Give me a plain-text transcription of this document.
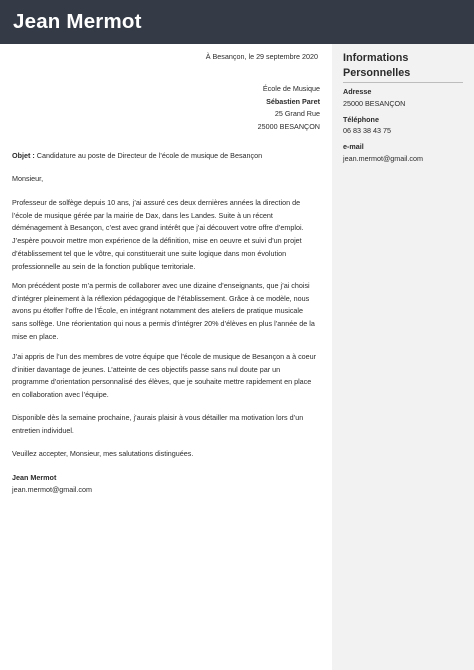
Jean Mermot
Informations Personnelles
Adresse
25000 BESANÇON
Téléphone
06 83 38 43 75
e-mail
jean.mermot@gmail.com
À Besançon, le 29 septembre 2020
École de Musique
Sébastien Paret
25 Grand Rue
25000 BESANÇON
Objet : Candidature au poste de Directeur de l’école de musique de Besançon
Monsieur,

Professeur de solfège depuis 10 ans, j’ai assuré ces deux dernières années la direction de l’école de musique gérée par la mairie de Dax, dans les Landes. Suite à un récent déménagement à Besançon, c’est avec grand intérêt que j’ai découvert votre offre d’emploi. J’espère pouvoir mettre mon expérience de la définition, mise en oeuvre et suivi d’un projet d’établissement tel que le vôtre, qui constituerait une suite logique dans mon évolution professionnelle au sein de la fonction publique territoriale.

Mon précédent poste m’a permis de collaborer avec une dizaine d’enseignants, que j’ai choisi d’intégrer pleinement à la réflexion pédagogique de l’établissement. Grâce à ce modèle, nous avons pu étoffer l’offre de l’École, en intégrant notamment des ateliers de pratique musicale sans solfège. Une réorientation qui nous a permis d’intégrer 20% d’élèves en plus l’année de la mise en place.

J’ai appris de l’un des membres de votre équipe que l’école de musique de Besançon a à coeur d’initier davantage de jeunes. L’atteinte de ces objectifs passe sans nul doute par un programme d’orientation personnalisé des élèves, que je souhaite mettre rapidement en place en collaboration avec l’équipe.

Disponible dès la semaine prochaine, j’aurais plaisir à vous détailler ma motivation lors d’un entretien individuel.

Veuillez accepter, Monsieur, mes salutations distinguées.
Jean Mermot
jean.mermot@gmail.com
